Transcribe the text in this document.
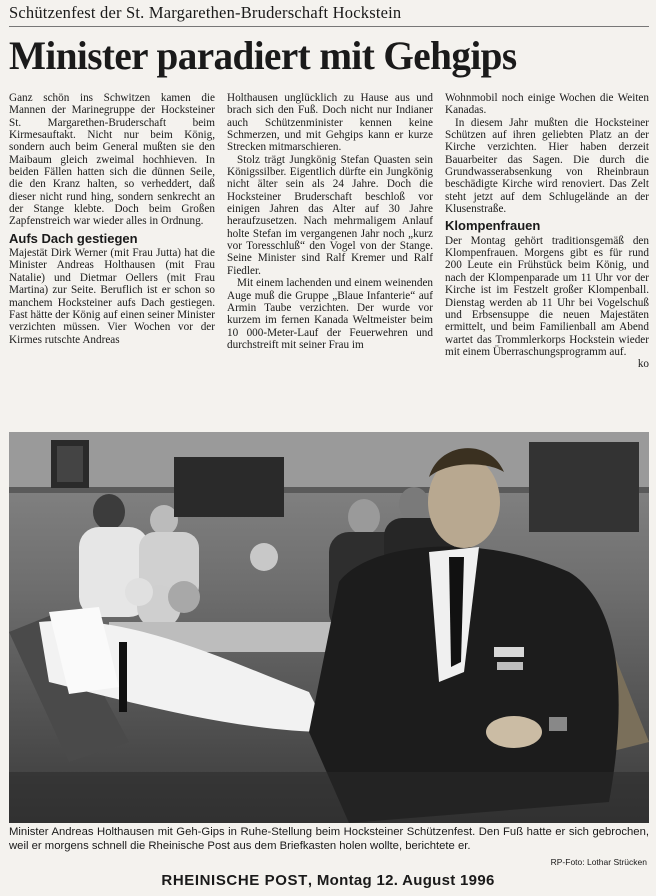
Schützenfest der St. Margarethen-Bruderschaft Hockstein
Minister paradiert mit Gehgips

Ganz schön ins Schwitzen kamen die Mannen der Marinegruppe der Hocksteiner St. Margarethen-Bruderschaft beim Kirmesauftakt. Nicht nur beim König, sondern auch beim General mußten sie den Maibaum gleich zweimal hochhieven. In beiden Fällen hatten sich die dünnen Seile, die den Kranz halten, so verheddert, daß dieser nicht rund hing, sondern senkrecht an der Stange klebte. Doch beim Großen Zapfenstreich war wieder alles in Ordnung.

Aufs Dach gestiegen

Majestät Dirk Werner (mit Frau Jutta) hat die Minister Andreas Holthausen (mit Frau Natalie) und Dietmar Oellers (mit Frau Martina) zur Seite. Beruflich ist er schon so manchem Hocksteiner aufs Dach gestiegen. Fast hätte der König auf einen seiner Minister verzichten müssen. Vier Wochen vor der Kirmes rutschte Andreas

Holthausen unglücklich zu Hause aus und brach sich den Fuß. Doch nicht nur Indianer auch Schützenminister kennen keine Schmerzen, und mit Gehgips kann er kurze Strecken mitmarschieren.

Stolz trägt Jungkönig Stefan Quasten sein Königssilber. Eigentlich dürfte ein Jungkönig nicht älter sein als 24 Jahre. Doch die Hocksteiner Bruderschaft beschloß vor einigen Jahren das Alter auf 30 Jahre heraufzusetzen. Nach mehrmaligem Anlauf holte Stefan im vergangenen Jahr noch „kurz vor Toresschluß“ den Vogel von der Stange. Seine Minister sind Ralf Kremer und Ralf Fiedler.

Mit einem lachenden und einem weinenden Auge muß die Gruppe „Blaue Infanterie“ auf Armin Taube verzichten. Der wurde vor kurzem im fernen Kanada Weltmeister beim 10 000-Meter-Lauf der Feuerwehren und durchstreift mit seiner Frau im

Wohnmobil noch einige Wochen die Weiten Kanadas.

In diesem Jahr mußten die Hocksteiner Schützen auf ihren geliebten Platz an der Kirche verzichten. Hier haben derzeit Bauarbeiter das Sagen. Die durch die Grundwasserabsenkung von Rheinbraun beschädigte Kirche wird renoviert. Das Zelt steht jetzt auf dem Schlugelände an der Klusenstraße.

Klompenfrauen

Der Montag gehört traditionsgemäß den Klompenfrauen. Morgens gibt es für rund 200 Leute ein Frühstück beim König, und nach der Klompenparade um 11 Uhr vor der Kirche ist im Festzelt großer Klompenball. Dienstag werden ab 11 Uhr bei Vogelschuß und Erbsensuppe die neuen Majestäten ermittelt, und beim Familienball am Abend wartet das Trommlerkorps Hockstein wieder mit einem Überraschungsprogramm auf.

ko
Minister Andreas Holthausen mit Geh-Gips in Ruhe-Stellung beim Hocksteiner Schützenfest. Den Fuß hatte er sich gebrochen, weil er morgens schnell die Rheinische Post aus dem Briefkasten holen wollte, berichtete er.
RP-Foto: Lothar Strücken
RHEINISCHE POST, Montag 12. August 1996
